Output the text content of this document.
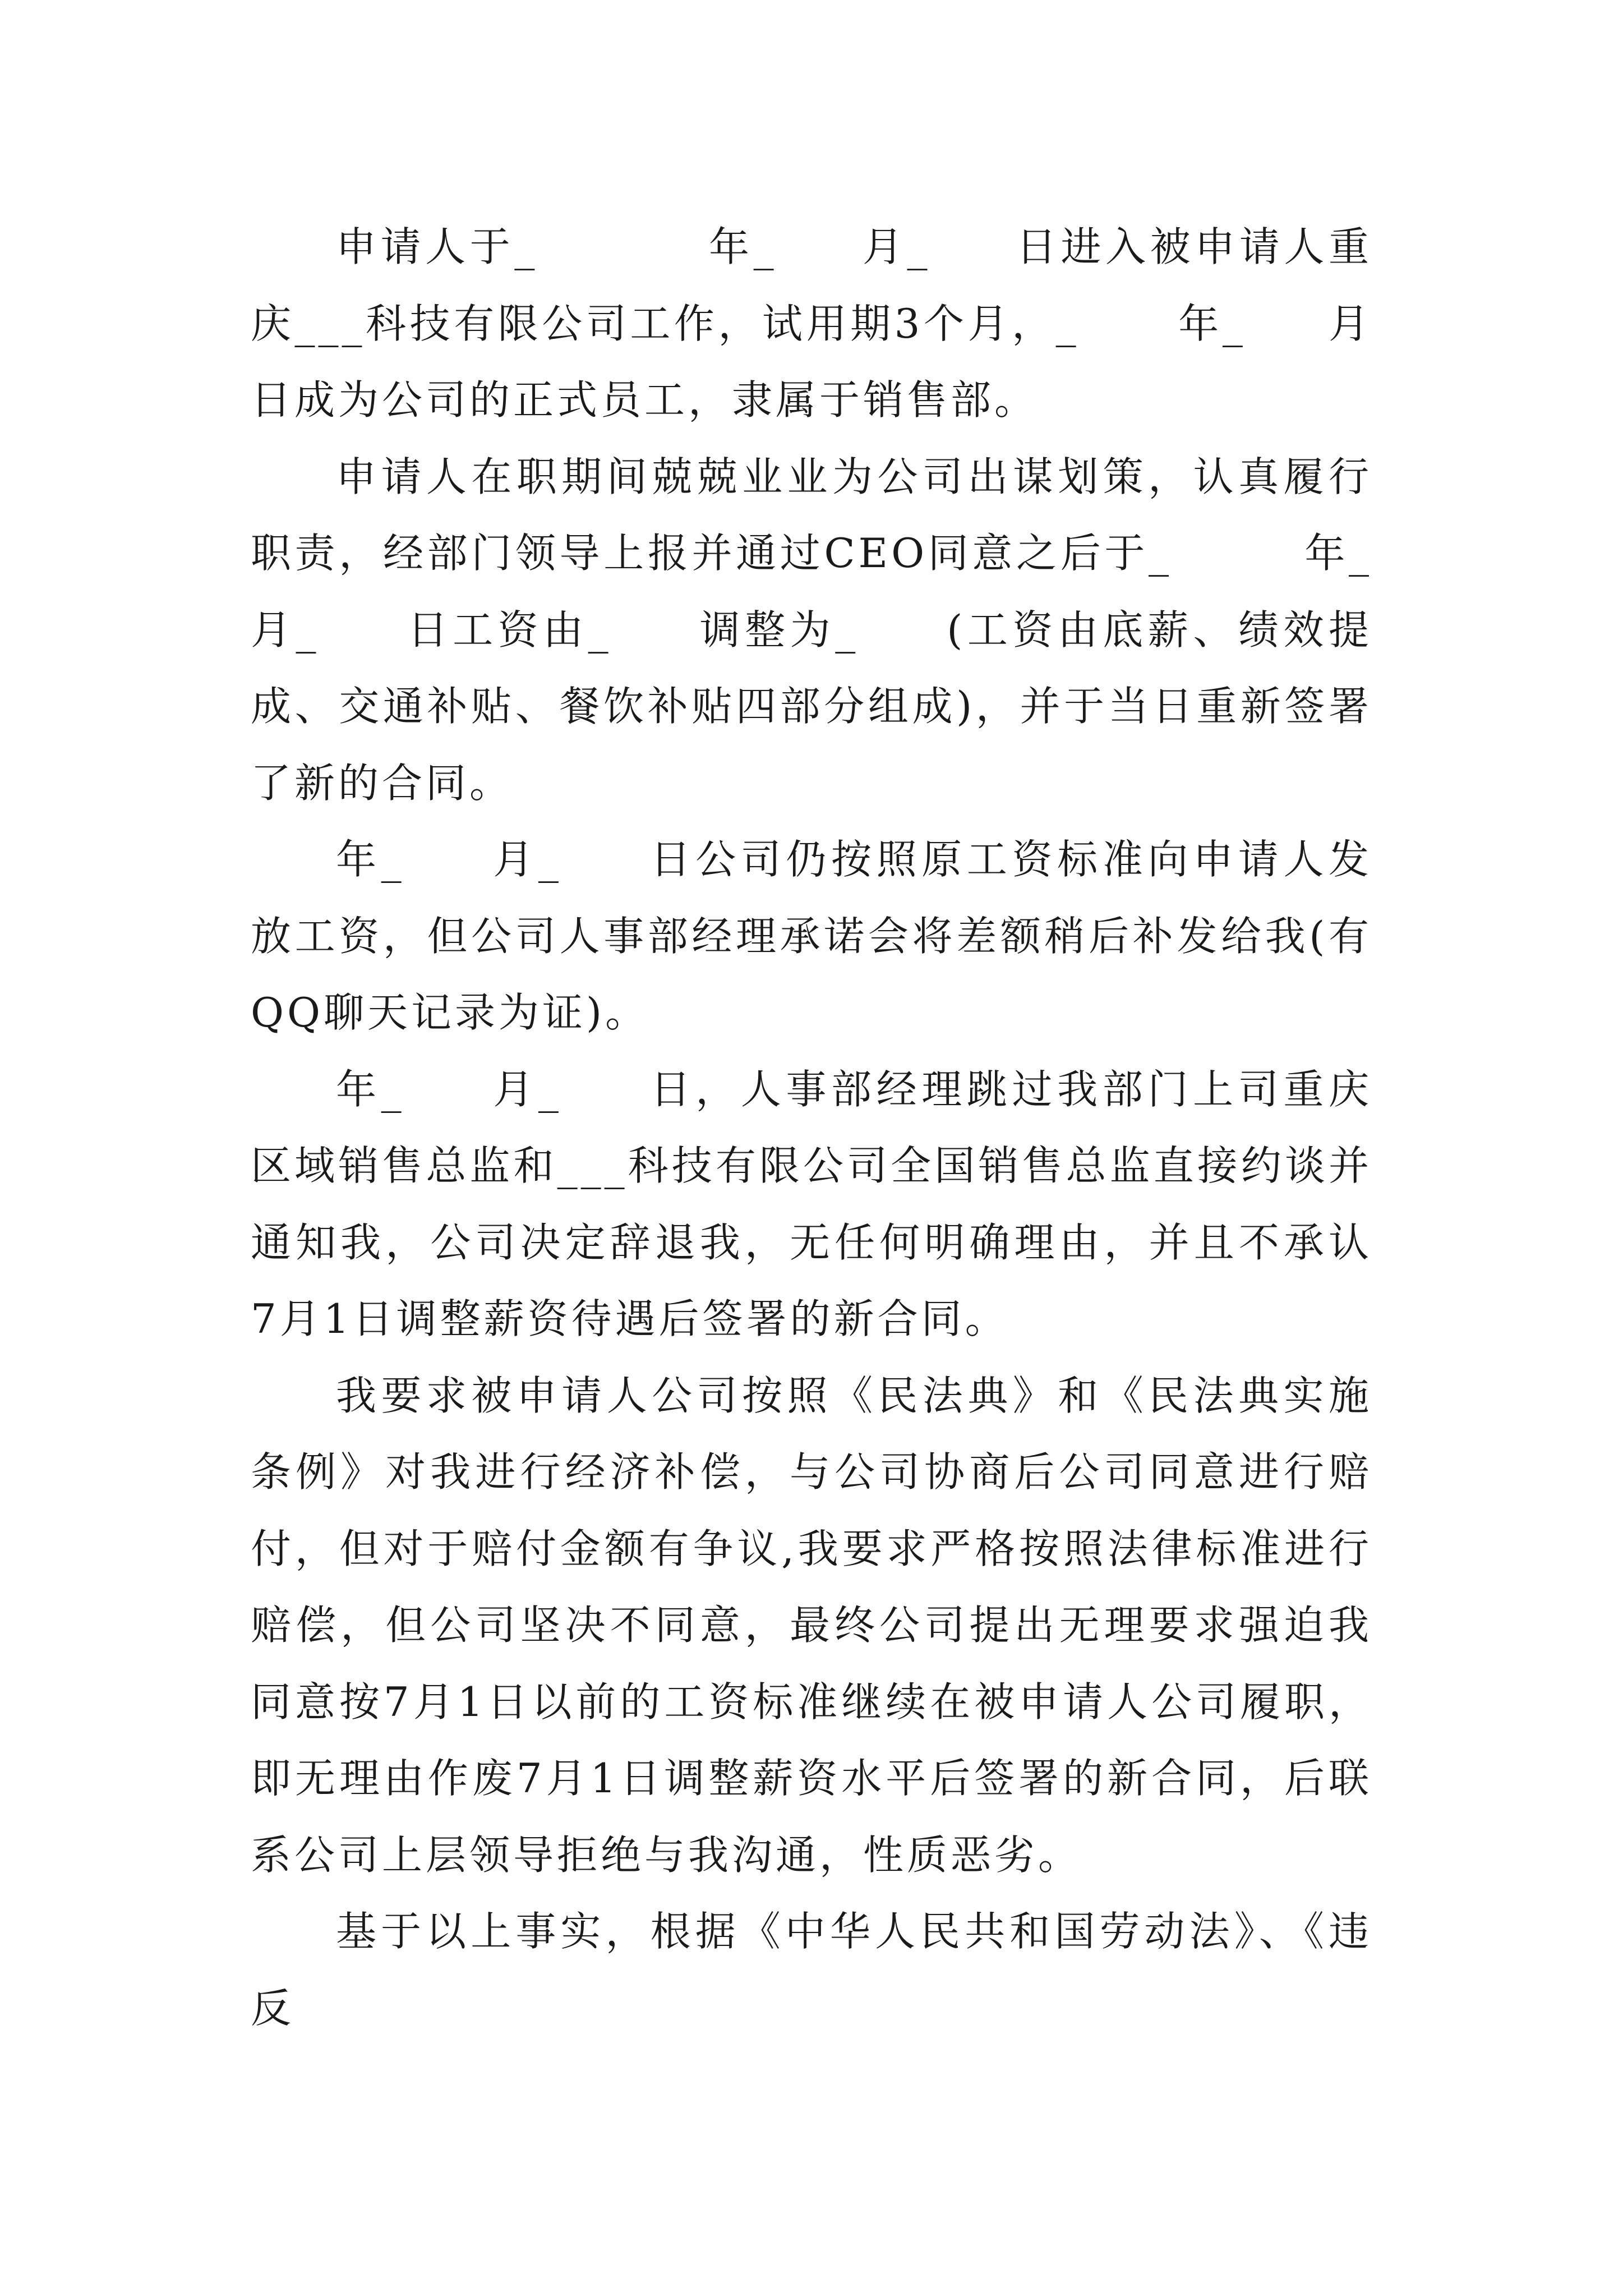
申请人于_          年_     月_     日进入被申请人重庆___科技有限公司工作，试用期3个月，_      年_     月          日成为公司的正式员工，隶属于销售部。

申请人在职期间兢兢业业为公司出谋划策，认真履行职责，经部门领导上报并通过CEO同意之后于_        年_     月_     日工资由_     调整为_     (工资由底薪、绩效提成、交通补贴、餐饮补贴四部分组成)，并于当日重新签署了新的合同。

年_     月_     日公司仍按照原工资标准向申请人发放工资，但公司人事部经理承诺会将差额稍后补发给我(有QQ聊天记录为证)。

年_     月_     日，人事部经理跳过我部门上司重庆区域销售总监和___科技有限公司全国销售总监直接约谈并通知我，公司决定辞退我，无任何明确理由，并且不承认7月1日调整薪资待遇后签署的新合同。

我要求被申请人公司按照《民法典》和《民法典实施条例》对我进行经济补偿，与公司协商后公司同意进行赔付，但对于赔付金额有争议,我要求严格按照法律标准进行赔偿，但公司坚决不同意，最终公司提出无理要求强迫我同意按7月1日以前的工资标准继续在被申请人公司履职，即无理由作废7月1日调整薪资水平后签署的新合同，后联系公司上层领导拒绝与我沟通，性质恶劣。

基于以上事实，根据《中华人民共和国劳动法》、《违反
